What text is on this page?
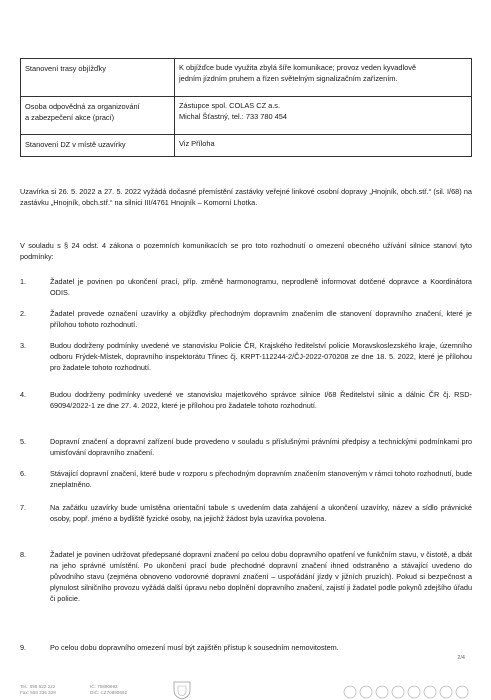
Stanovení trasy objížďky	K objížďce bude využita zbylá šíře komunikace; provoz veden kyvadlově
jedním jízdním pruhem a řízen světelným signalizačním zařízením.
Osoba odpovědná za organizování
a zabezpečení akce (prací)	Zástupce spol. COLAS CZ a.s.
Michal Šťastný, tel.: 733 780 454
Stanovení DZ v místě uzavírky	Viz Příloha

Uzavírka si 26. 5. 2022 a 27. 5. 2022 vyžádá dočasné přemístění zastávky veřejné linkové osobní dopravy „Hnojník, obch.stř.“ (sil. I/68) na zastávku „Hnojník, obch.stř.“ na silnici III/4761 Hnojník – Komorní Lhotka.

V souladu s § 24 odst. 4 zákona o pozemních komunikacích se pro toto rozhodnutí o omezení obecného užívání silnice stanoví tyto podmínky:

1.	Žadatel je povinen po ukončení prací, příp. změně harmonogramu, neprodleně informovat dotčené dopravce a Koordinátora ODIS.
2.	Žadatel provede označení uzavírky a objížďky přechodným dopravním značením dle stanovení dopravního značení, které je přílohou tohoto rozhodnutí.
3.	Budou dodrženy podmínky uvedené ve stanovisku Policie ČR, Krajského ředitelství policie Moravskoslezského kraje, územního odboru Frýdek-Místek, dopravního inspektorátu Třinec čj. KRPT-112244-2/ČJ-2022-070208 ze dne 18. 5. 2022, které je přílohou pro žadatele tohoto rozhodnutí.
4.	Budou dodrženy podmínky uvedené ve stanovisku majetkového správce silnice I/68 Ředitelství silnic a dálnic ČR čj. RSD-69094/2022-1 ze dne 27. 4. 2022, které je přílohou pro žadatele tohoto rozhodnutí.
5.	Dopravní značení a dopravní zařízení bude provedeno v souladu s příslušnými právními předpisy a technickými podmínkami pro umisťování dopravního značení.
6.	Stávající dopravní značení, které bude v rozporu s přechodným dopravním značením stanoveným v rámci tohoto rozhodnutí, bude zneplatněno.
7.	Na začátku uzavírky bude umístěna orientační tabule s uvedením data zahájení a ukončení uzavírky, název a sídlo právnické osoby, popř. jméno a bydliště fyzické osoby, na jejichž žádost byla uzavírka povolena.
8.	Žadatel je povinen udržovat předepsané dopravní značení po celou dobu dopravního opatření ve funkčním stavu, v čistotě, a dbát na jeho správné umístění. Po ukončení prací bude přechodné dopravní značení ihned odstraněno a stávající uvedeno do původního stavu (zejména obnoveno vodorovné dopravní značení – uspořádání jízdy v jižních pruzích). Pokud si bezpečnost a plynulost silničního provozu vyžádá další úpravu nebo doplnění dopravního značení, zajistí ji žadatel podle pokynů zdejšího úřadu či policie.
9.	Po celou dobu dopravního omezení musí být zajištěn přístup k sousedním nemovitostem.
2/4
Tel.: 595 622 222
Fax: 558 336 328
IČ: 70890692
DIČ: CZ70890692
